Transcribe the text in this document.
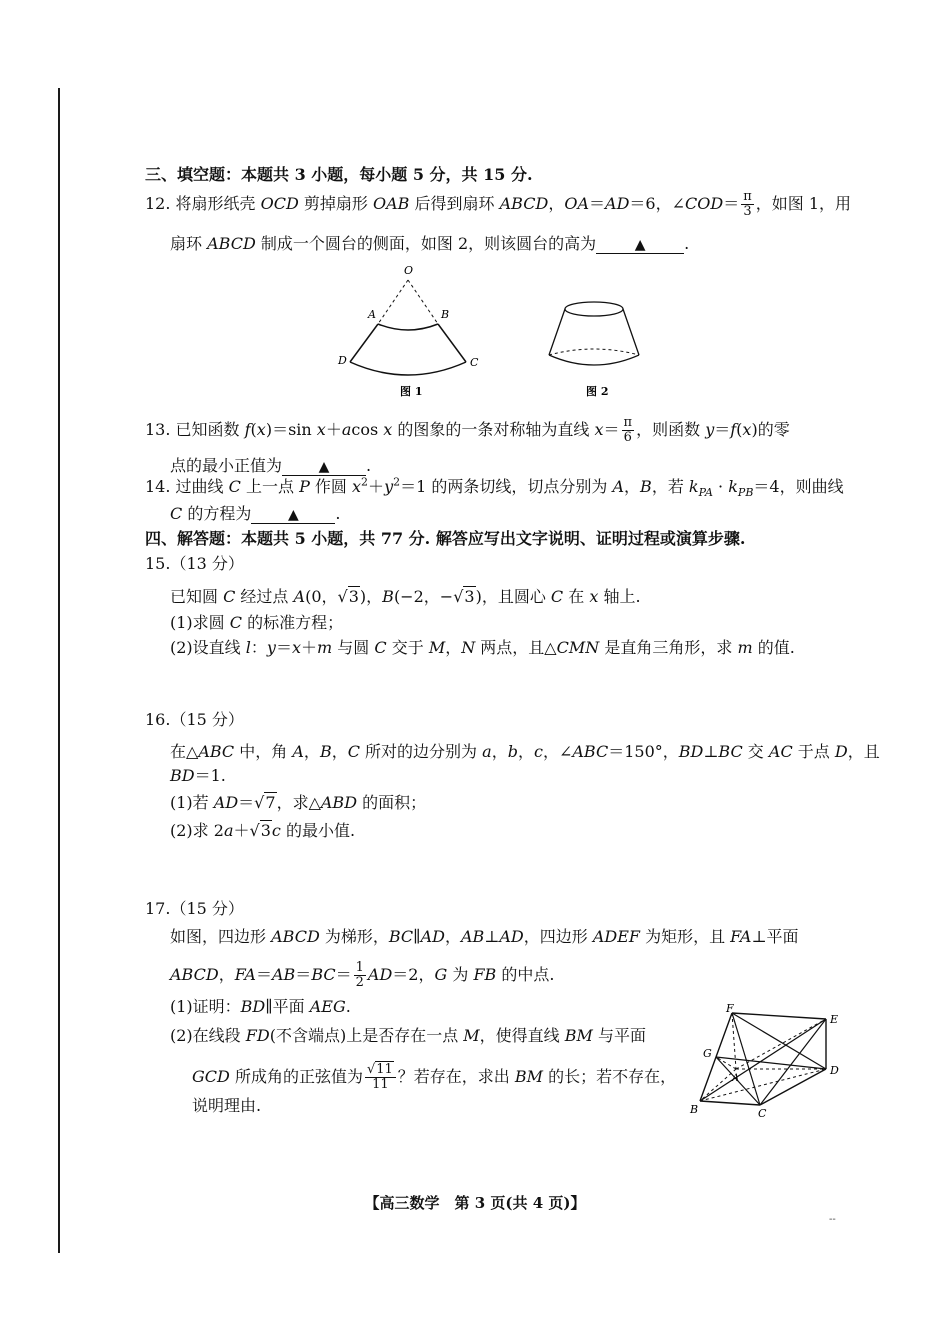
三、填空题：本题共 3 小题，每小题 5 分，共 15 分.
12. 将扇形纸壳 OCD 剪掉扇形 OAB 后得到扇环 ABCD，OA＝AD＝6，∠COD＝ $\frac{\pi}{3}$ ，如图 1，用
扇环 ABCD 制成一个圆台的侧面，如图 2，则该圆台的高为	▲ .
O
A	B
D	C
图 1	图 2
13. 已知函数 f(x)＝sin x＋acos x 的图象的一条对称轴为直线 $x= \frac{\pi}{6}$ ，则函数 y＝f(x)的零
点的最小正值为	▲ .
14. 过曲线 C 上一点 P 作圆 $x^2+y^2=1$ 的两条切线，切点分别为 A，B，若 $k_{PA} \cdot k_{PB}=4$，则曲线
C 的方程为	▲ .
四、解答题：本题共 5 小题，共 77 分. 解答应写出文字说明、证明过程或演算步骤.
15.（13 分）
已知圆 C 经过点 A(0，√3)，B(−2，−√3)，且圆心 C 在 x 轴上.
(1)求圆 C 的标准方程；
(2)设直线 l：y＝x＋m 与圆 C 交于 M，N 两点，且△CMN 是直角三角形，求 m 的值.
16.（15 分）
在△ABC 中，角 A，B，C 所对的边分别为 a，b，c，∠ABC＝150°，BD⊥BC 交 AC 于点 D，且
BD＝1.
(1)若 AD＝√7，求△ABD 的面积；
(2)求 2a＋√3c 的最小值.
17.（15 分）
如图，四边形 ABCD 为梯形，BC∥AD，AB⊥AD，四边形 ADEF 为矩形，且 FA⊥平面
ABCD，$FA=AB=BC= \frac{1}{2} AD=2$，G 为 FB 的中点.
(1)证明：BD∥平面 AEG.
(2)在线段 FD(不含端点)上是否存在一点 M，使得直线 BM 与平面
GCD 所成角的正弦值为 $\frac{√11}{11}$ ？若存在，求出 BM 的长；若不存在，
说明理由.
F
E
G
A
D
B	C
【高三数学　第 3 页(共 4 页)】
--
